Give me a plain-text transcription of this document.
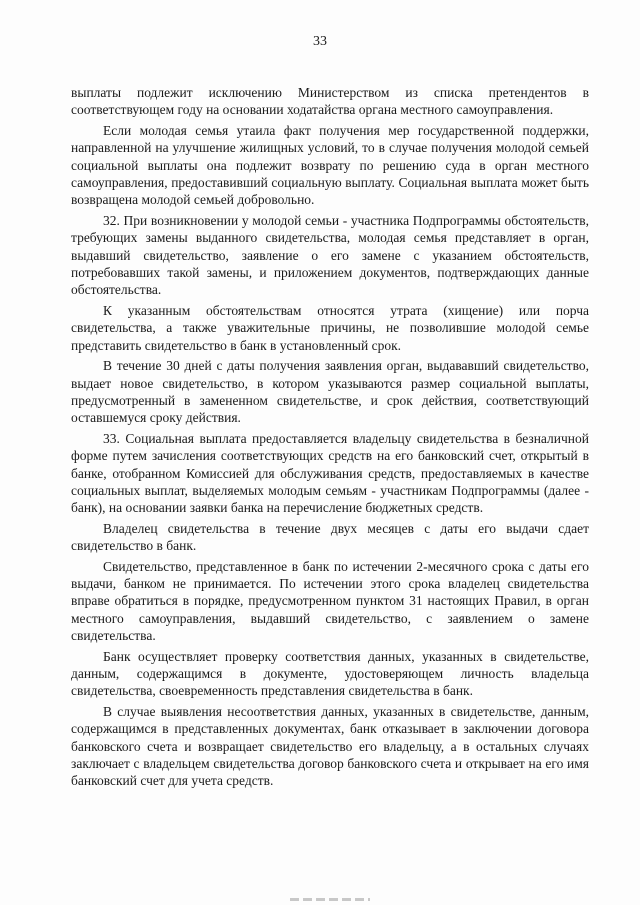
33

выплаты подлежит исключению Министерством из списка претендентов в соответствующем году на основании ходатайства органа местного самоуправления.

Если молодая семья утаила факт получения мер государственной поддержки, направленной на улучшение жилищных условий, то в случае получения молодой семьей социальной выплаты она подлежит возврату по решению суда в орган местного самоуправления, предоставивший социальную выплату. Социальная выплата может быть возвращена молодой семьей добровольно.

32. При возникновении у молодой семьи - участника Подпрограммы обстоятельств, требующих замены выданного свидетельства, молодая семья представляет в орган, выдавший свидетельство, заявление о его замене с указанием обстоятельств, потребовавших такой замены, и приложением документов, подтверждающих данные обстоятельства.

К указанным обстоятельствам относятся утрата (хищение) или порча свидетельства, а также уважительные причины, не позволившие молодой семье представить свидетельство в банк в установленный срок.

В течение 30 дней с даты получения заявления орган, выдававший свидетельство, выдает новое свидетельство, в котором указываются размер социальной выплаты, предусмотренный в замененном свидетельстве, и срок действия, соответствующий оставшемуся сроку действия.

33. Социальная выплата предоставляется владельцу свидетельства в безналичной форме путем зачисления соответствующих средств на его банковский счет, открытый в банке, отобранном Комиссией для обслуживания средств, предоставляемых в качестве социальных выплат, выделяемых молодым семьям - участникам Подпрограммы (далее - банк), на основании заявки банка на перечисление бюджетных средств.

Владелец свидетельства в течение двух месяцев с даты его выдачи сдает свидетельство в банк.

Свидетельство, представленное в банк по истечении 2-месячного срока с даты его выдачи, банком не принимается. По истечении этого срока владелец свидетельства вправе обратиться в порядке, предусмотренном пунктом 31 настоящих Правил, в орган местного самоуправления, выдавший свидетельство, с заявлением о замене свидетельства.

Банк осуществляет проверку соответствия данных, указанных в свидетельстве, данным, содержащимся в документе, удостоверяющем личность владельца свидетельства, своевременность представления свидетельства в банк.

В случае выявления несоответствия данных, указанных в свидетельстве, данным, содержащимся в представленных документах, банк отказывает в заключении договора банковского счета и возвращает свидетельство его владельцу, а в остальных случаях заключает с владельцем свидетельства договор банковского счета и открывает на его имя банковский счет для учета средств.
